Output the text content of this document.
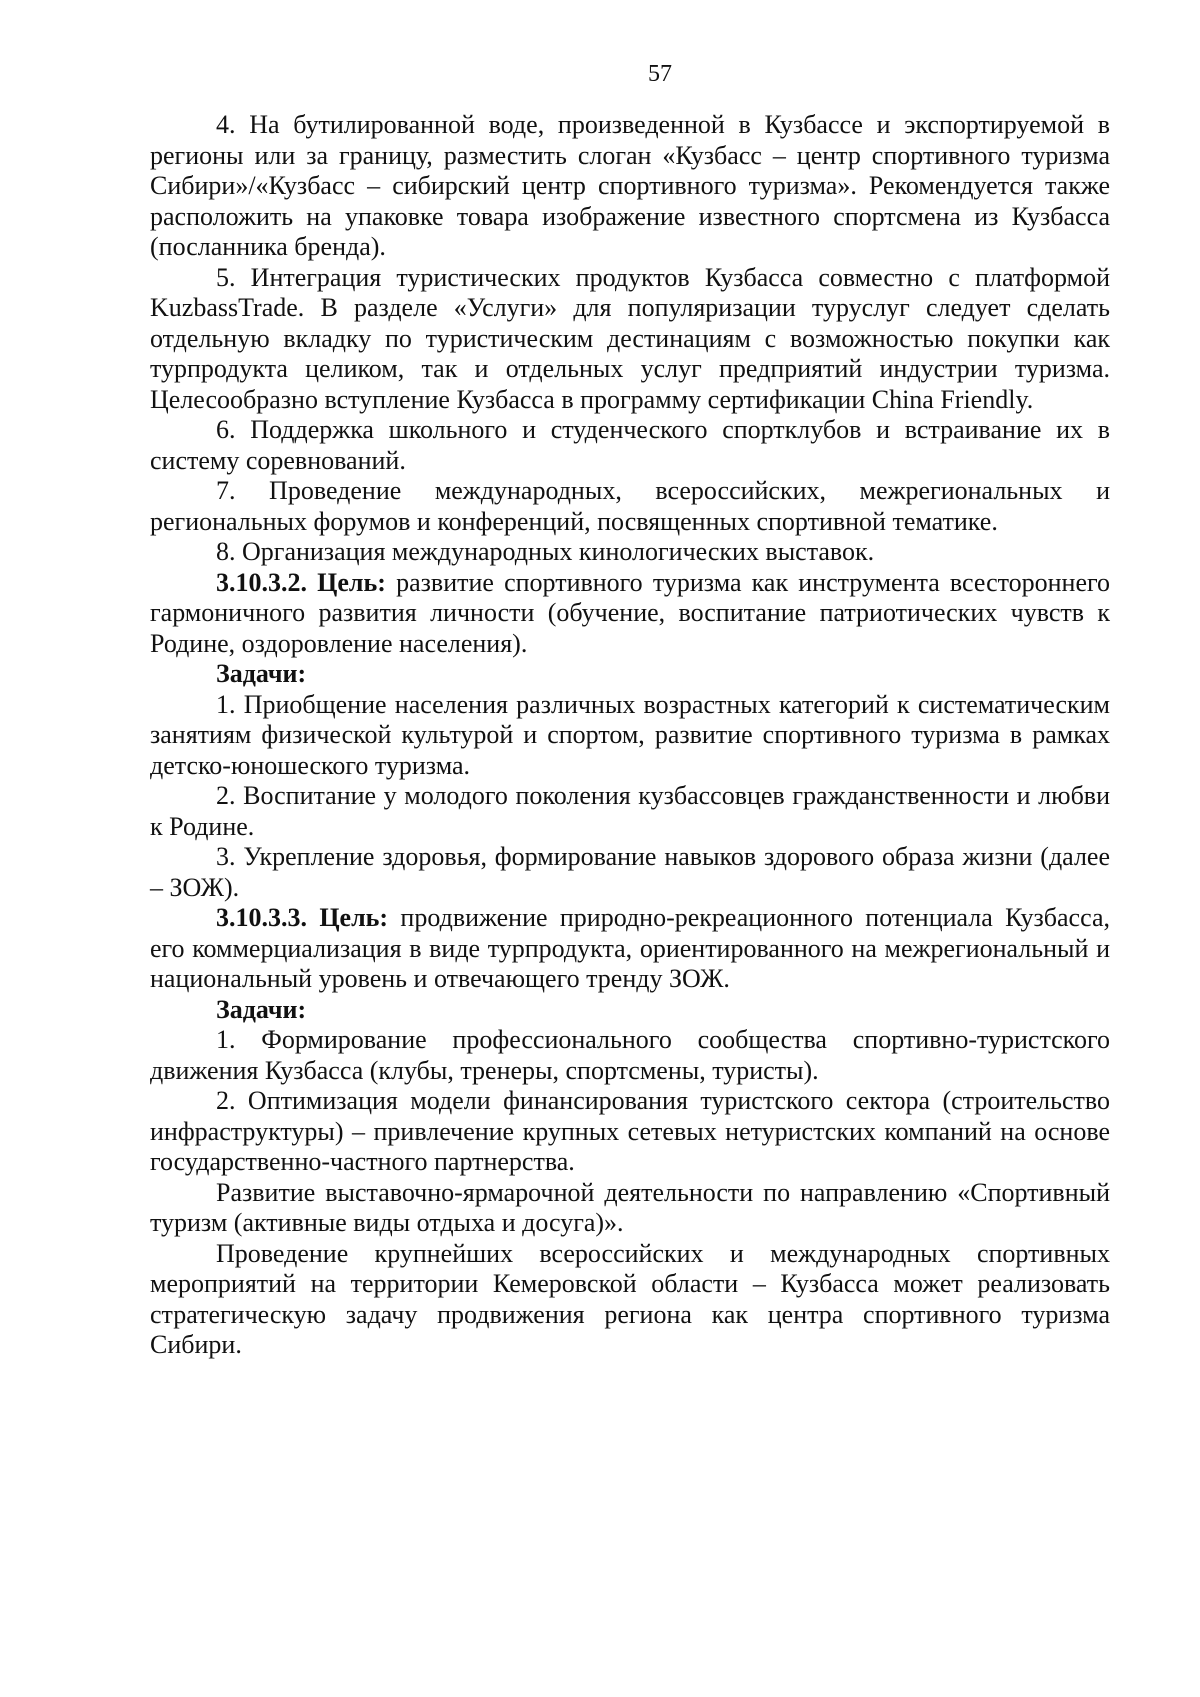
57

4. На бутилированной воде, произведенной в Кузбассе и экспортируемой в регионы или за границу, разместить слоган «Кузбасс – центр спортивного туризма Сибири»/«Кузбасс – сибирский центр спортивного туризма». Рекомендуется также расположить на упаковке товара изображение известного спортсмена из Кузбасса (посланника бренда).

5. Интеграция туристических продуктов Кузбасса совместно с платформой KuzbassTrade. В разделе «Услуги» для популяризации туруслуг следует сделать отдельную вкладку по туристическим дестинациям с возможностью покупки как турпродукта целиком, так и отдельных услуг предприятий индустрии туризма. Целесообразно вступление Кузбасса в программу сертификации China Friendly.

6. Поддержка школьного и студенческого спортклубов и встраивание их в систему соревнований.

7. Проведение международных, всероссийских, межрегиональных и региональных форумов и конференций, посвященных спортивной тематике.

8. Организация международных кинологических выставок.

3.10.3.2. Цель: развитие спортивного туризма как инструмента всестороннего гармоничного развития личности (обучение, воспитание патриотических чувств к Родине, оздоровление населения).

Задачи:

1. Приобщение населения различных возрастных категорий к систематическим занятиям физической культурой и спортом, развитие спортивного туризма в рамках детско-юношеского туризма.

2. Воспитание у молодого поколения кузбассовцев гражданственности и любви к Родине.

3. Укрепление здоровья, формирование навыков здорового образа жизни (далее – ЗОЖ).

3.10.3.3. Цель: продвижение природно-рекреационного потенциала Кузбасса, его коммерциализация в виде турпродукта, ориентированного на межрегиональный и национальный уровень и отвечающего тренду ЗОЖ.

Задачи:

1. Формирование профессионального сообщества спортивно-туристского движения Кузбасса (клубы, тренеры, спортсмены, туристы).

2. Оптимизация модели финансирования туристского сектора (строительство инфраструктуры) – привлечение крупных сетевых нетуристских компаний на основе государственно-частного партнерства.

Развитие выставочно-ярмарочной деятельности по направлению «Спортивный туризм (активные виды отдыха и досуга)».

Проведение крупнейших всероссийских и международных спортивных мероприятий на территории Кемеровской области – Кузбасса может реализовать стратегическую задачу продвижения региона как центра спортивного туризма Сибири.
